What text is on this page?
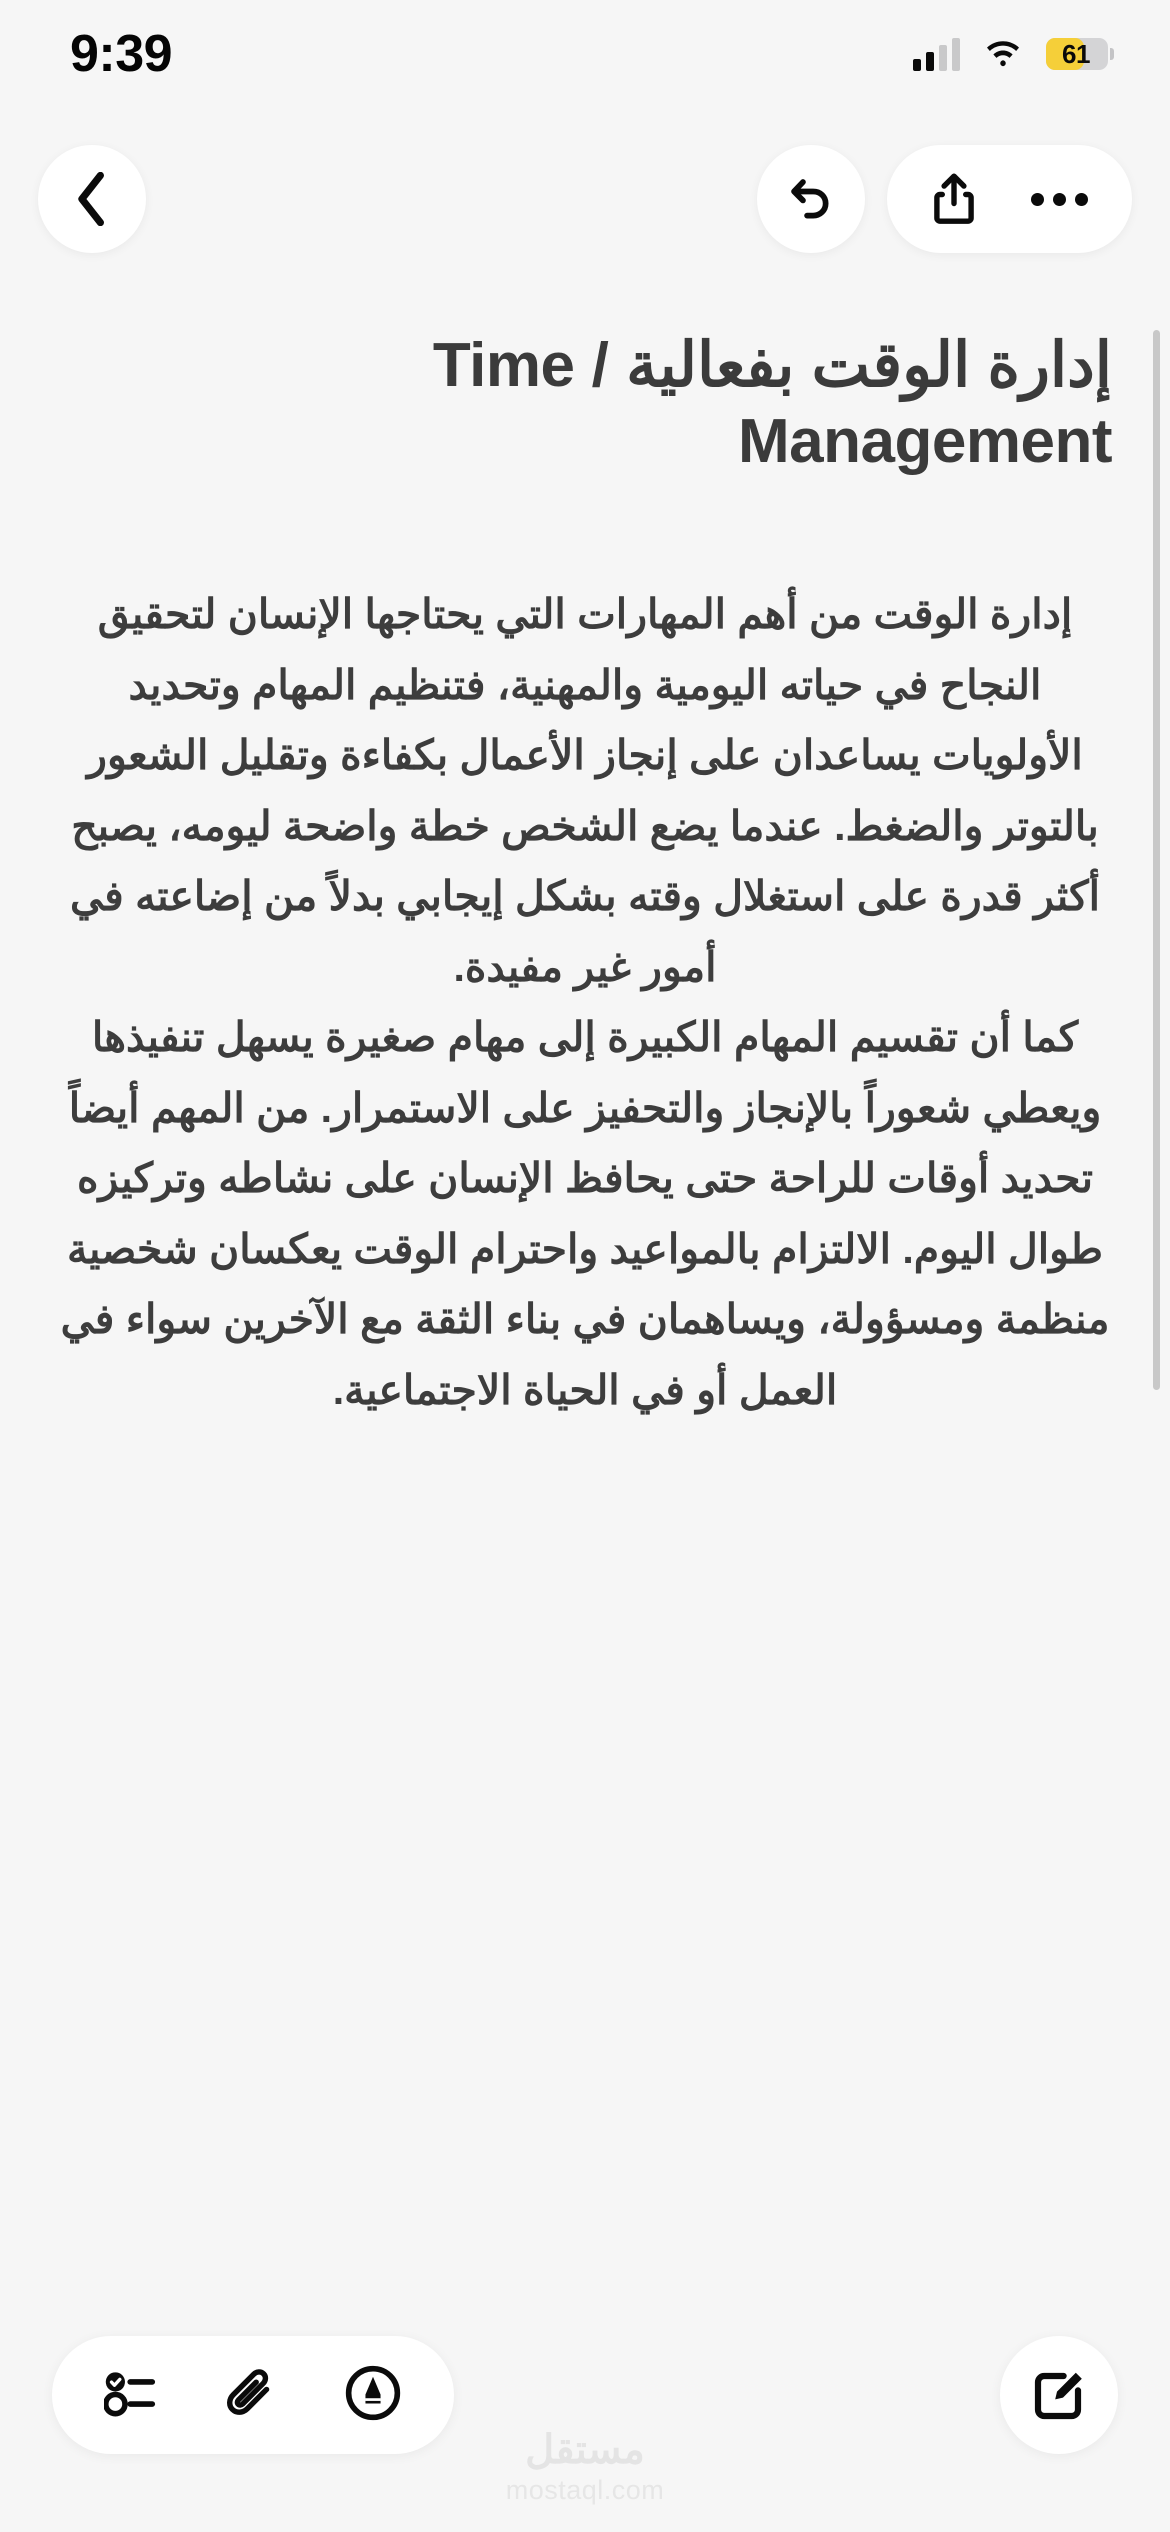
9:39	61
إدارة الوقت بفعالية / Time Management

إدارة الوقت من أهم المهارات التي يحتاجها الإنسان لتحقيق النجاح في حياته اليومية والمهنية، فتنظيم المهام وتحديد الأولويات يساعدان على إنجاز الأعمال بكفاءة وتقليل الشعور بالتوتر والضغط. عندما يضع الشخص خطة واضحة ليومه، يصبح أكثر قدرة على استغلال وقته بشكل إيجابي بدلاً من إضاعته في أمور غير مفيدة.

كما أن تقسيم المهام الكبيرة إلى مهام صغيرة يسهل تنفيذها ويعطي شعوراً بالإنجاز والتحفيز على الاستمرار. من المهم أيضاً تحديد أوقات للراحة حتى يحافظ الإنسان على نشاطه وتركيزه طوال اليوم. الالتزام بالمواعيد واحترام الوقت يعكسان شخصية منظمة ومسؤولة، ويساهمان في بناء الثقة مع الآخرين سواء في العمل أو في الحياة الاجتماعية.

مستقل
mostaql.com
